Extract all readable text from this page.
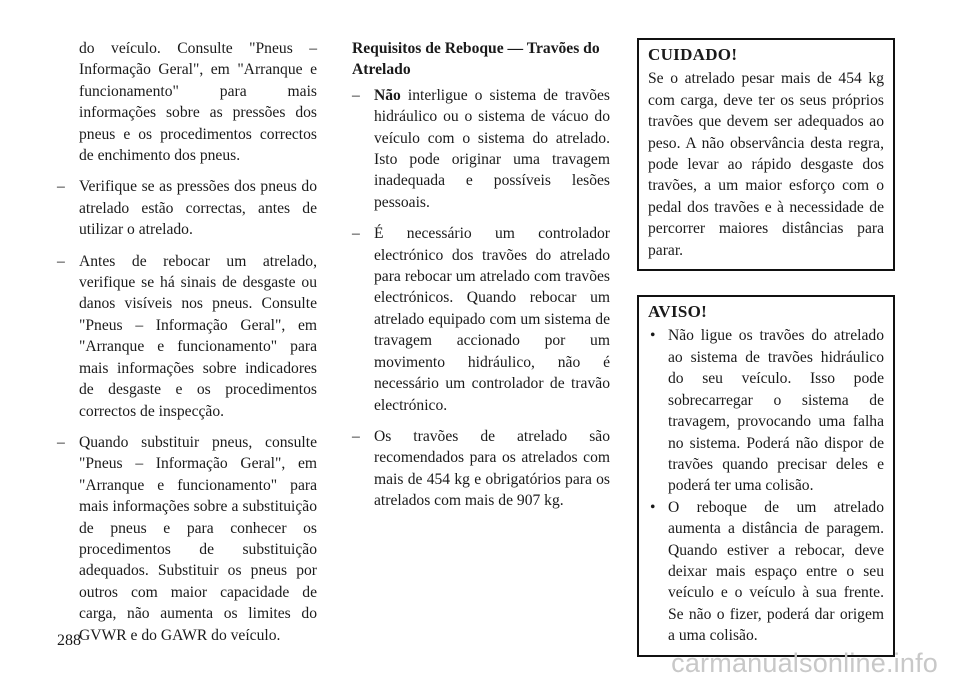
do veículo. Consulte "Pneus – Informação Geral", em "Arranque e funcionamento" para mais informações sobre as pressões dos pneus e os procedimentos correctos de enchimento dos pneus.

– Verifique se as pressões dos pneus do atrelado estão correctas, antes de utilizar o atrelado.
– Antes de rebocar um atrelado, verifique se há sinais de desgaste ou danos visíveis nos pneus. Consulte "Pneus – Informação Geral", em "Arranque e funcionamento" para mais informações sobre indicadores de desgaste e os procedimentos correctos de inspecção.
– Quando substituir pneus, consulte "Pneus – Informação Geral", em "Arranque e funcionamento" para mais informações sobre a substituição de pneus e para conhecer os procedimentos de substituição adequados. Substituir os pneus por outros com maior capacidade de carga, não aumenta os limites do GVWR e do GAWR do veículo.
Requisitos de Reboque — Travões do Atrelado
– Não interligue o sistema de travões hidráulico ou o sistema de vácuo do veículo com o sistema do atrelado. Isto pode originar uma travagem inadequada e possíveis lesões pessoais.
– É necessário um controlador electrónico dos travões do atrelado para rebocar um atrelado com travões electrónicos. Quando rebocar um atrelado equipado com um sistema de travagem accionado por um movimento hidráulico, não é necessário um controlador de travão electrónico.
– Os travões de atrelado são recomendados para os atrelados com mais de 454 kg e obrigatórios para os atrelados com mais de 907 kg.
CUIDADO!

Se o atrelado pesar mais de 454 kg com carga, deve ter os seus próprios travões que devem ser adequados ao peso. A não observância desta regra, pode levar ao rápido desgaste dos travões, a um maior esforço com o pedal dos travões e à necessidade de percorrer maiores distâncias para parar.

AVISO!
• Não ligue os travões do atrelado ao sistema de travões hidráulico do seu veículo. Isso pode sobrecarregar o sistema de travagem, provocando uma falha no sistema. Poderá não dispor de travões quando precisar deles e poderá ter uma colisão.
• O reboque de um atrelado aumenta a distância de paragem. Quando estiver a rebocar, deve deixar mais espaço entre o seu veículo e o veículo à sua frente. Se não o fizer, poderá dar origem a uma colisão.
288
carmanualsonline.info
